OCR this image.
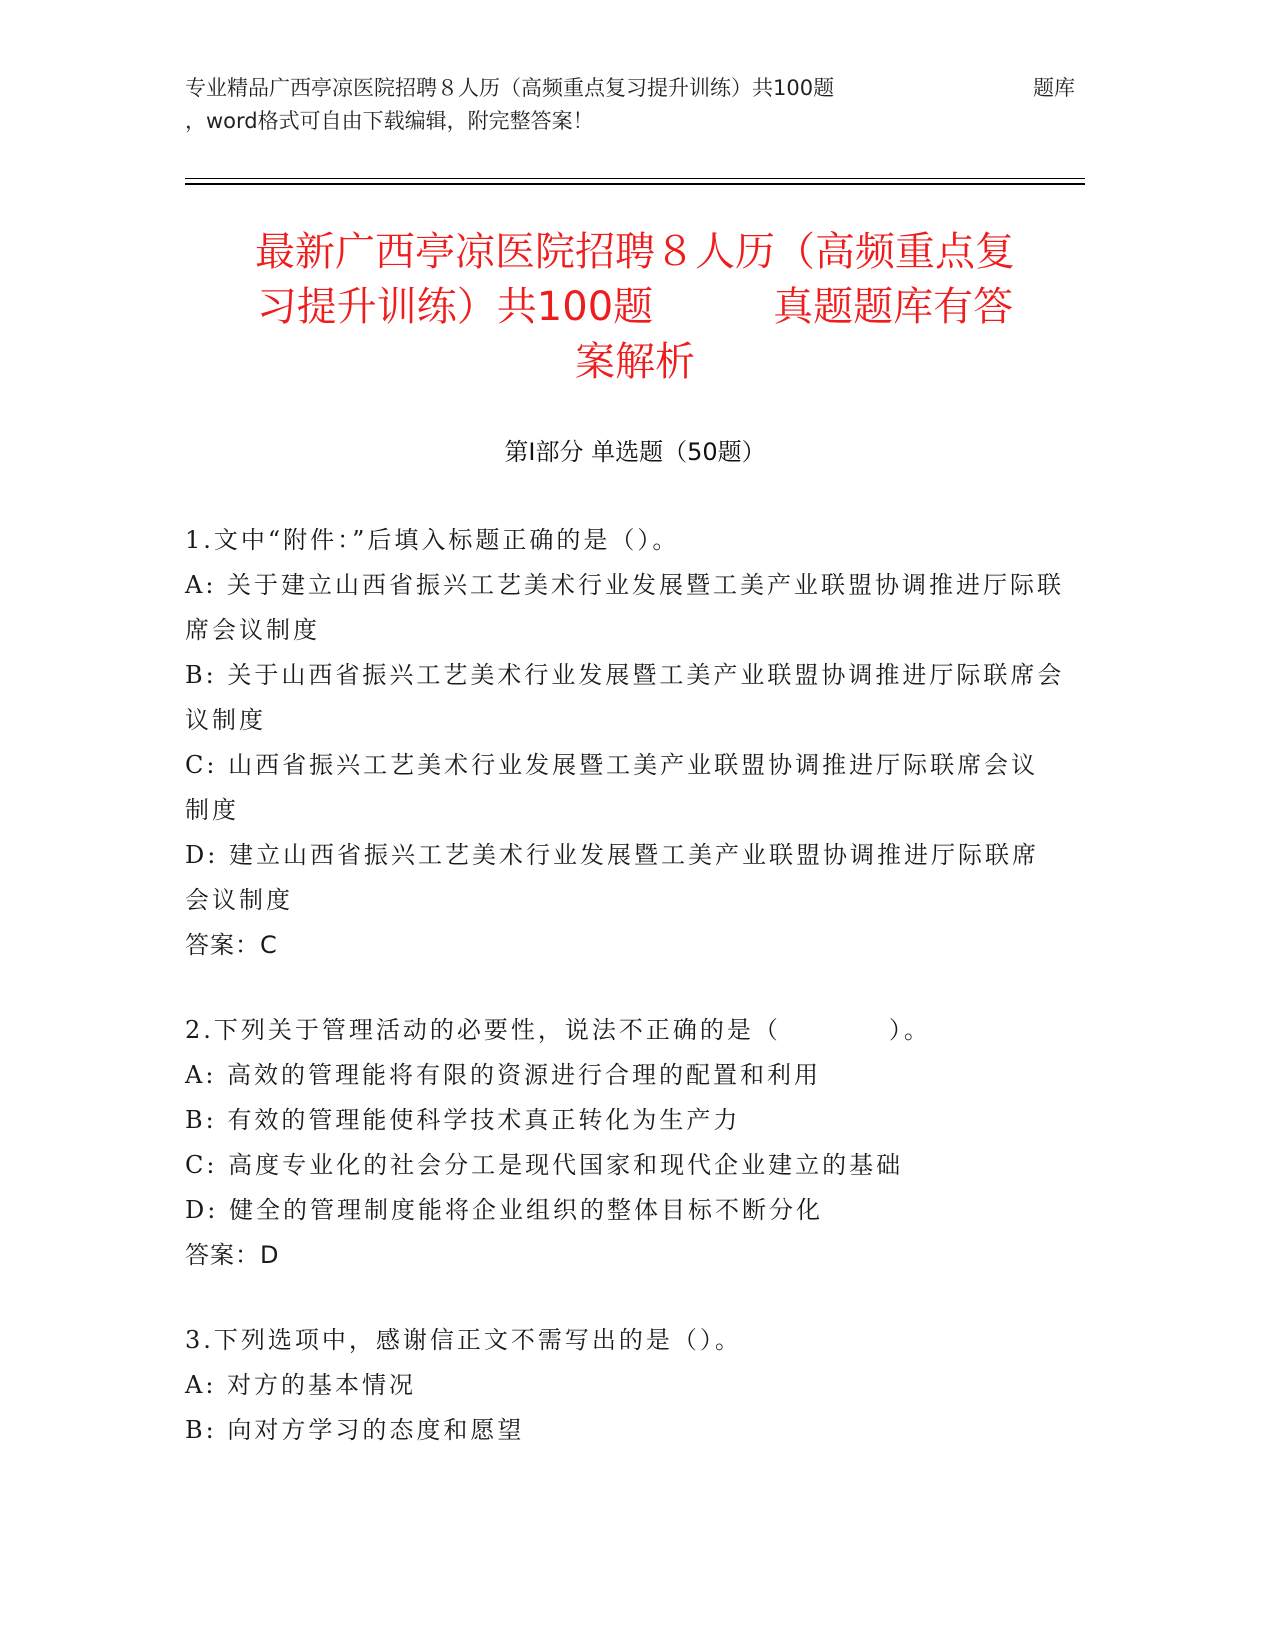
专业精品广西亭凉医院招聘８人历（高频重点复习提升训练）共100题	题库
，word格式可自由下载编辑，附完整答案！
最新广西亭凉医院招聘８人历（高频重点复
习提升训练）共100题　　　真题题库有答
案解析
第Ⅰ部分 单选题（50题）

1.文中“附件：”后填入标题正确的是（）。

A: 关于建立山西省振兴工艺美术行业发展暨工美产业联盟协调推进厅际联席会议制度

B: 关于山西省振兴工艺美术行业发展暨工美产业联盟协调推进厅际联席会议制度

C: 山西省振兴工艺美术行业发展暨工美产业联盟协调推进厅际联席会议制度

D: 建立山西省振兴工艺美术行业发展暨工美产业联盟协调推进厅际联席会议制度

答案：C

2.下列关于管理活动的必要性，说法不正确的是（　　　　）。

A: 高效的管理能将有限的资源进行合理的配置和利用

B: 有效的管理能使科学技术真正转化为生产力

C: 高度专业化的社会分工是现代国家和现代企业建立的基础

D: 健全的管理制度能将企业组织的整体目标不断分化

答案：D

3.下列选项中，感谢信正文不需写出的是（）。

A: 对方的基本情况

B: 向对方学习的态度和愿望
